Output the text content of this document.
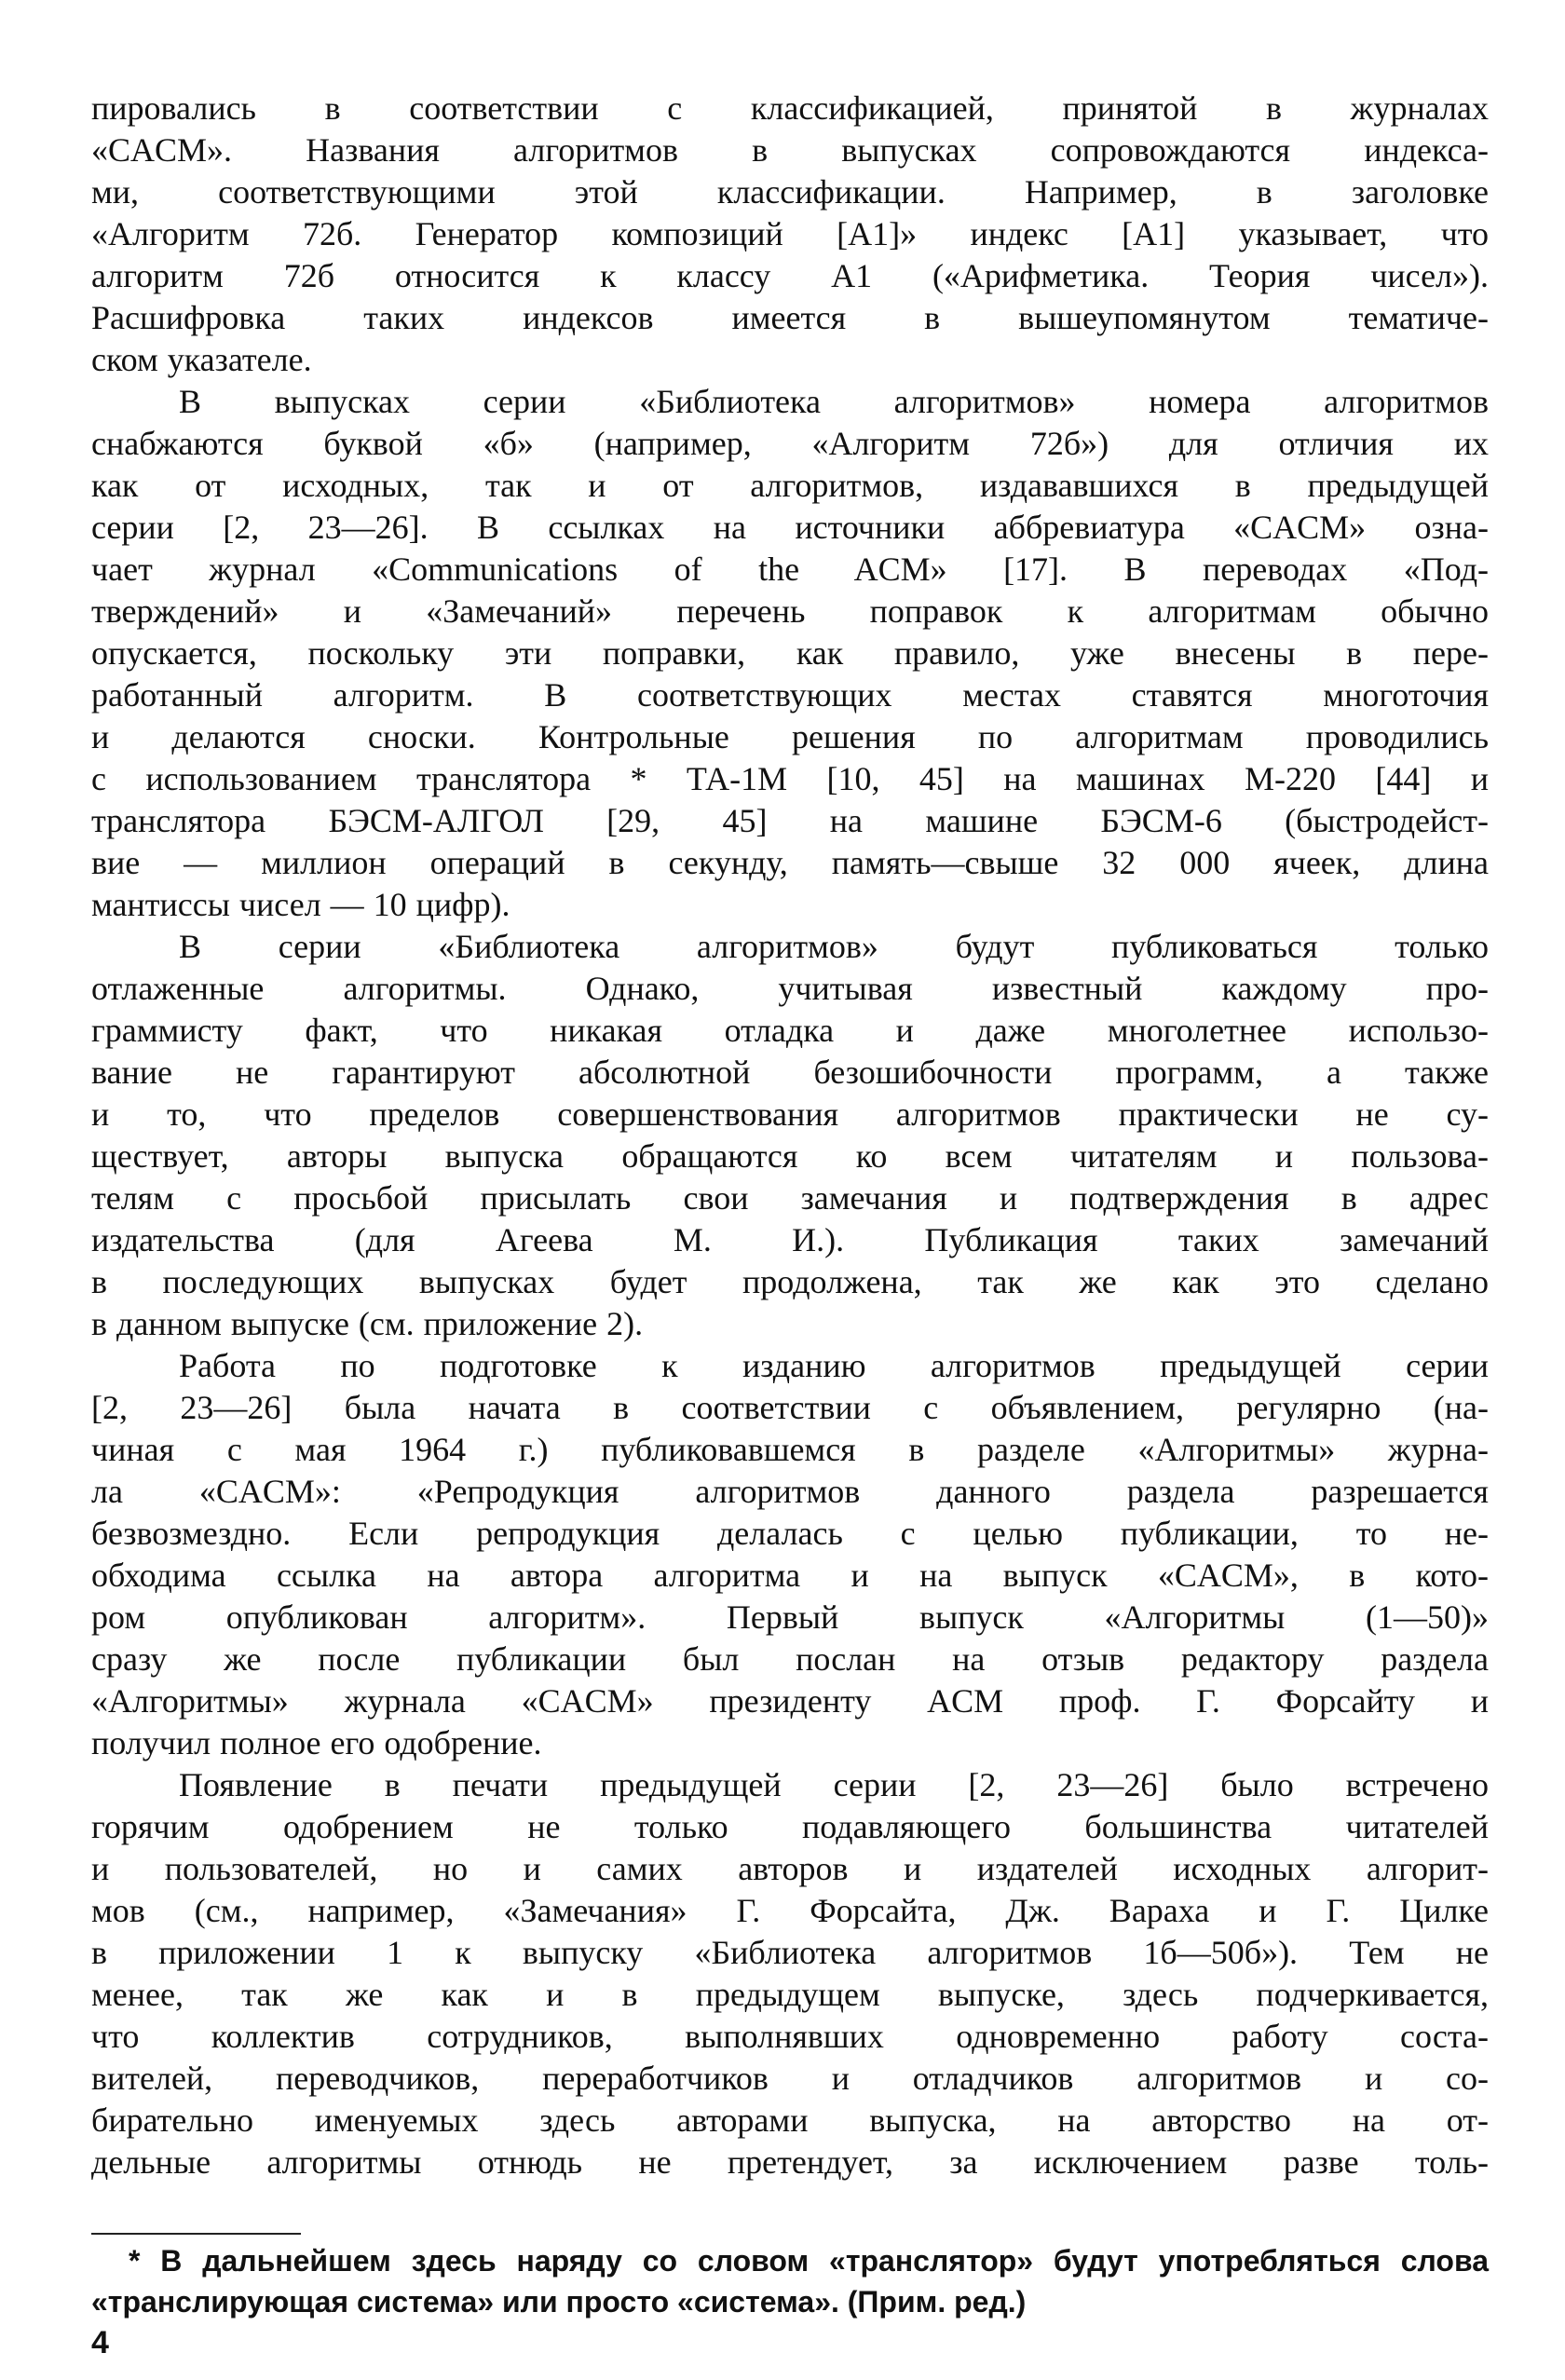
пировались в соответствии с классификацией, принятой в журналах
«CACM». Названия алгоритмов в выпусках сопровождаются индекса-
ми, соответствующими этой классификации. Например, в заголовке
«Алгоритм 72б. Генератор композиций [A1]» индекс [A1] указывает, что
алгоритм 72б относится к классу A1 («Арифметика. Теория чисел»).
Расшифровка таких индексов имеется в вышеупомянутом тематиче-
ском указателе.
В выпусках серии «Библиотека алгоритмов» номера алгоритмов
снабжаются буквой «б» (например, «Алгоритм 72б») для отличия их
как от исходных, так и от алгоритмов, издававшихся в предыдущей
серии [2, 23—26]. В ссылках на источники аббревиатура «CACM» озна-
чает журнал «Communications of the ACM» [17]. В переводах «Под-
тверждений» и «Замечаний» перечень поправок к алгоритмам обычно
опускается, поскольку эти поправки, как правило, уже внесены в пере-
работанный алгоритм. В соответствующих местах ставятся многоточия
и делаются сноски. Контрольные решения по алгоритмам проводились
с использованием транслятора * ТА-1М [10, 45] на машинах М-220 [44] и
транслятора БЭСМ-АЛГОЛ [29, 45] на машине БЭСМ-6 (быстродейст-
вие — миллион операций в секунду, память—свыше 32 000 ячеек, длина
мантиссы чисел — 10 цифр).
В серии «Библиотека алгоритмов» будут публиковаться только
отлаженные алгоритмы. Однако, учитывая известный каждому про-
граммисту факт, что никакая отладка и даже многолетнее использо-
вание не гарантируют абсолютной безошибочности программ, а также
и то, что пределов совершенствования алгоритмов практически не су-
ществует, авторы выпуска обращаются ко всем читателям и пользова-
телям с просьбой присылать свои замечания и подтверждения в адрес
издательства (для Агеева М. И.). Публикация таких замечаний
в последующих выпусках будет продолжена, так же как это сделано
в данном выпуске (см. приложение 2).
Работа по подготовке к изданию алгоритмов предыдущей серии
[2, 23—26] была начата в соответствии с объявлением, регулярно (на-
чиная с мая 1964 г.) публиковавшемся в разделе «Алгоритмы» журна-
ла «CACM»: «Репродукция алгоритмов данного раздела разрешается
безвозмездно. Если репродукция делалась с целью публикации, то не-
обходима ссылка на автора алгоритма и на выпуск «CACM», в кото-
ром опубликован алгоритм». Первый выпуск «Алгоритмы (1—50)»
сразу же после публикации был послан на отзыв редактору раздела
«Алгоритмы» журнала «CACM» президенту ACM проф. Г. Форсайту и
получил полное его одобрение.
Появление в печати предыдущей серии [2, 23—26] было встречено
горячим одобрением не только подавляющего большинства читателей
и пользователей, но и самих авторов и издателей исходных алгорит-
мов (см., например, «Замечания» Г. Форсайта, Дж. Вараха и Г. Цилке
в приложении 1 к выпуску «Библиотека алгоритмов 1б—50б»). Тем не
менее, так же как и в предыдущем выпуске, здесь подчеркивается,
что коллектив сотрудников, выполнявших одновременно работу соста-
вителей, переводчиков, переработчиков и отладчиков алгоритмов и со-
бирательно именуемых здесь авторами выпуска, на авторство на от-
дельные алгоритмы отнюдь не претендует, за исключением разве толь-
* В дальнейшем здесь наряду со словом «транслятор» будут употребляться слова
«транслирующая система» или просто «система». (Прим. ред.)
4
